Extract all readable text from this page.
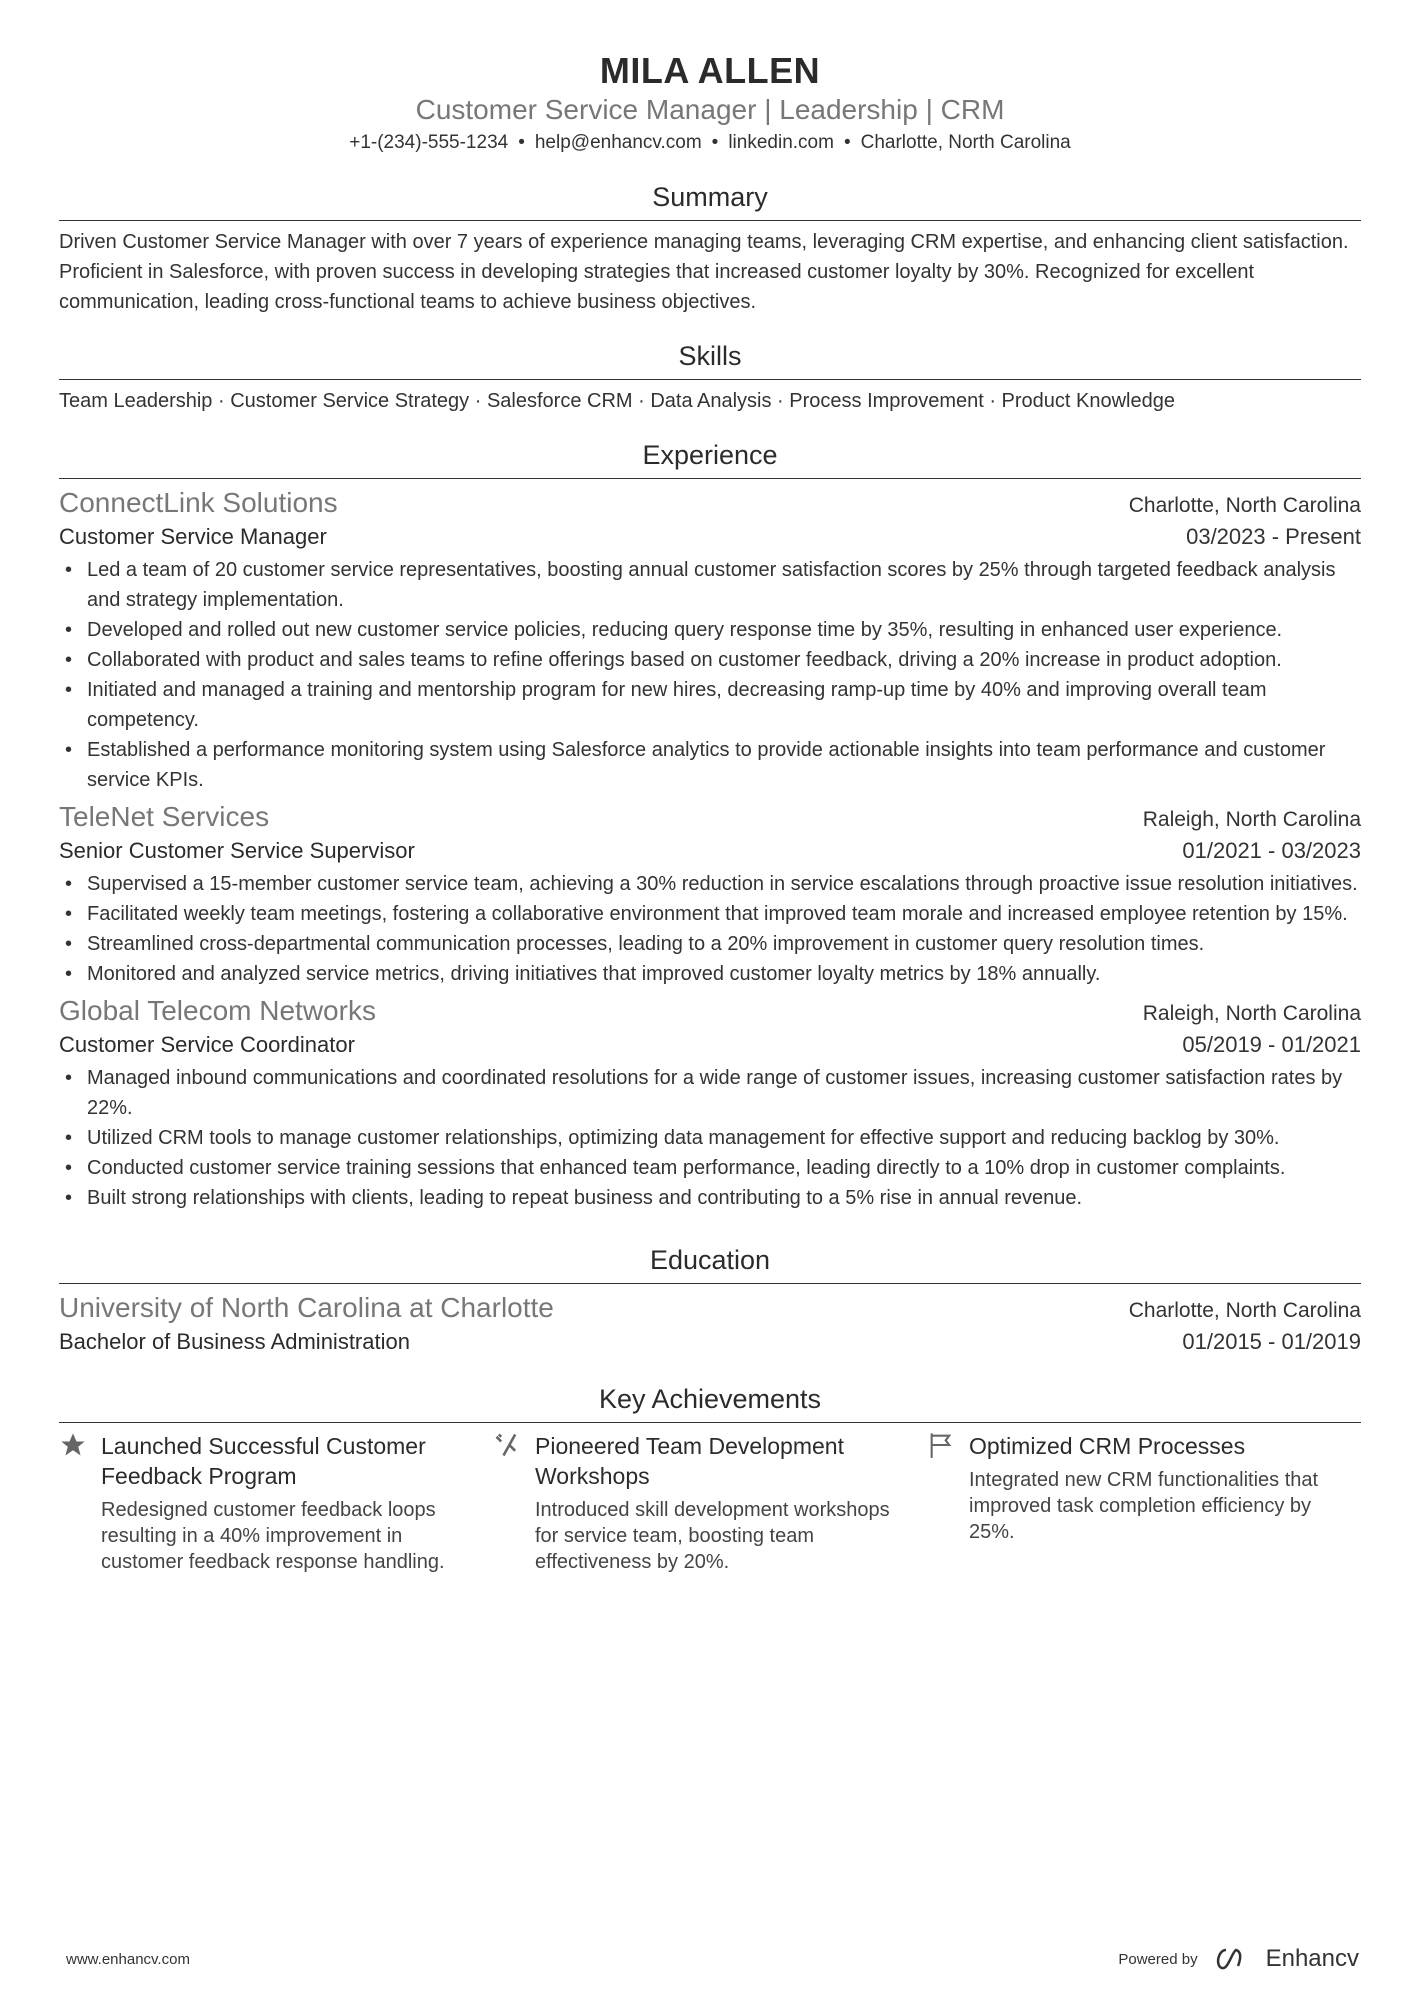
MILA ALLEN
Customer Service Manager | Leadership | CRM
+1-(234)-555-1234 • help@enhancv.com • linkedin.com • Charlotte, North Carolina
Summary
Driven Customer Service Manager with over 7 years of experience managing teams, leveraging CRM expertise, and enhancing client satisfaction. Proficient in Salesforce, with proven success in developing strategies that increased customer loyalty by 30%. Recognized for excellent communication, leading cross-functional teams to achieve business objectives.
Skills
Team Leadership · Customer Service Strategy · Salesforce CRM · Data Analysis · Process Improvement · Product Knowledge
Experience
ConnectLink Solutions	Charlotte, North Carolina
Customer Service Manager	03/2023 - Present
• Led a team of 20 customer service representatives, boosting annual customer satisfaction scores by 25% through targeted feedback analysis and strategy implementation.
• Developed and rolled out new customer service policies, reducing query response time by 35%, resulting in enhanced user experience.
• Collaborated with product and sales teams to refine offerings based on customer feedback, driving a 20% increase in product adoption.
• Initiated and managed a training and mentorship program for new hires, decreasing ramp-up time by 40% and improving overall team competency.
• Established a performance monitoring system using Salesforce analytics to provide actionable insights into team performance and customer service KPIs.
TeleNet Services	Raleigh, North Carolina
Senior Customer Service Supervisor	01/2021 - 03/2023
• Supervised a 15-member customer service team, achieving a 30% reduction in service escalations through proactive issue resolution initiatives.
• Facilitated weekly team meetings, fostering a collaborative environment that improved team morale and increased employee retention by 15%.
• Streamlined cross-departmental communication processes, leading to a 20% improvement in customer query resolution times.
• Monitored and analyzed service metrics, driving initiatives that improved customer loyalty metrics by 18% annually.
Global Telecom Networks	Raleigh, North Carolina
Customer Service Coordinator	05/2019 - 01/2021
• Managed inbound communications and coordinated resolutions for a wide range of customer issues, increasing customer satisfaction rates by 22%.
• Utilized CRM tools to manage customer relationships, optimizing data management for effective support and reducing backlog by 30%.
• Conducted customer service training sessions that enhanced team performance, leading directly to a 10% drop in customer complaints.
• Built strong relationships with clients, leading to repeat business and contributing to a 5% rise in annual revenue.
Education
University of North Carolina at Charlotte	Charlotte, North Carolina
Bachelor of Business Administration	01/2015 - 01/2019
Key Achievements
Launched Successful Customer Feedback Program
Redesigned customer feedback loops resulting in a 40% improvement in customer feedback response handling.
Pioneered Team Development Workshops
Introduced skill development workshops for service team, boosting team effectiveness by 20%.
Optimized CRM Processes
Integrated new CRM functionalities that improved task completion efficiency by 25%.
www.enhancv.com	Powered by	Enhancv
